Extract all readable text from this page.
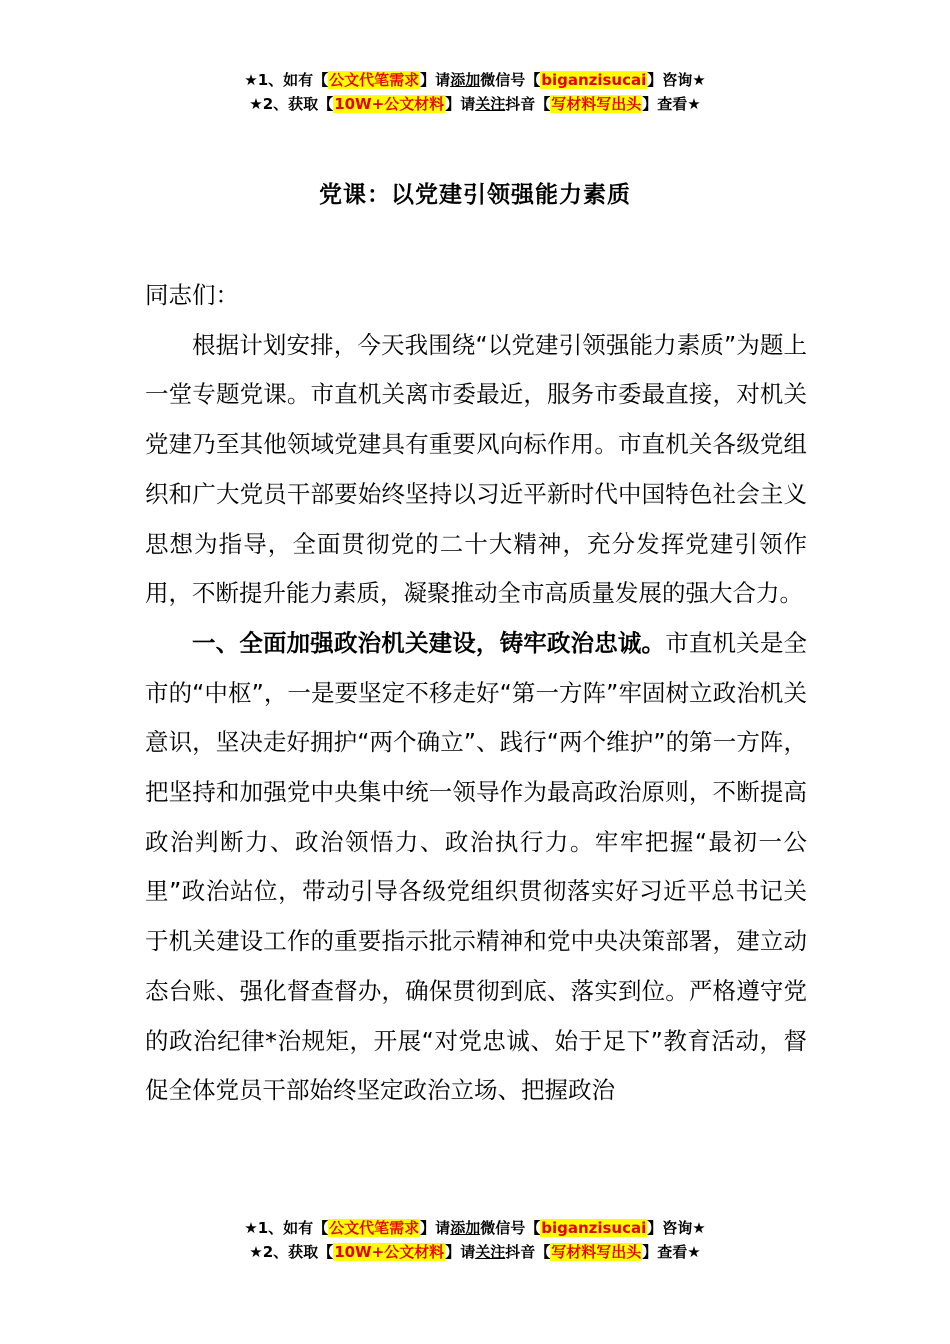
★1、如有【公文代笔需求】请添加微信号【biganzisucai】咨询★
★2、获取【10W+公文材料】请关注抖音【写材料写出头】查看★
党课：以党建引领强能力素质

同志们：

根据计划安排，今天我围绕“以党建引领强能力素质”为题上一堂专题党课。市直机关离市委最近，服务市委最直接，对机关党建乃至其他领域党建具有重要风向标作用。市直机关各级党组织和广大党员干部要始终坚持以习近平新时代中国特色社会主义思想为指导，全面贯彻党的二十大精神，充分发挥党建引领作用，不断提升能力素质，凝聚推动全市高质量发展的强大合力。

一、全面加强政治机关建设，铸牢政治忠诚。市直机关是全市的“中枢”，一是要坚定不移走好“第一方阵”牢固树立政治机关意识，坚决走好拥护“两个确立”、践行“两个维护”的第一方阵，把坚持和加强党中央集中统一领导作为最高政治原则，不断提高政治判断力、政治领悟力、政治执行力。牢牢把握“最初一公里”政治站位，带动引导各级党组织贯彻落实好习近平总书记关于机关建设工作的重要指示批示精神和党中央决策部署，建立动态台账、强化督查督办，确保贯彻到底、落实到位。严格遵守党的政治纪律*治规矩，开展“对党忠诚、始于足下”教育活动，督促全体党员干部始终坚定政治立场、把握政治

★1、如有【公文代笔需求】请添加微信号【biganzisucai】咨询★
★2、获取【10W+公文材料】请关注抖音【写材料写出头】查看★
